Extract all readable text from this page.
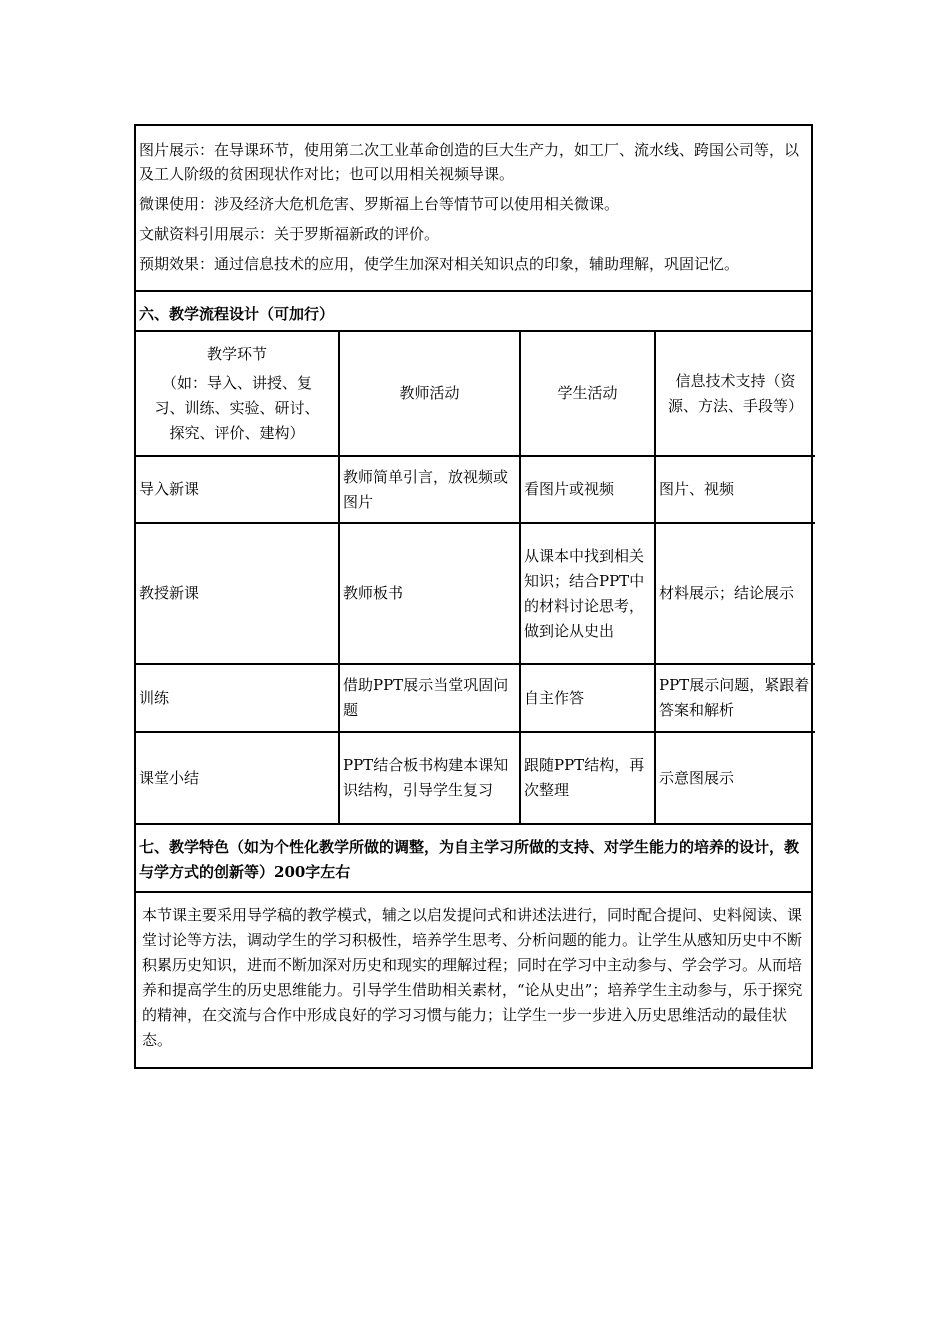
图片展示：在导课环节，使用第二次工业革命创造的巨大生产力，如工厂、流水线、跨国公司等，以及工人阶级的贫困现状作对比；也可以用相关视频导课。

微课使用：涉及经济大危机危害、罗斯福上台等情节可以使用相关微课。

文献资料引用展示：关于罗斯福新政的评价。

预期效果：通过信息技术的应用，使学生加深对相关知识点的印象，辅助理解，巩固记忆。

六、教学流程设计（可加行）
教学环节
（如：导入、讲授、复习、训练、实验、研讨、探究、评价、建构）	教师活动	学生活动	信息技术支持（资源、方法、手段等）
导入新课	教师简单引言，放视频或图片	看图片或视频	图片、视频
教授新课	教师板书	从课本中找到相关知识；结合PPT中的材料讨论思考，做到论从史出	材料展示；结论展示
训练	借助PPT展示当堂巩固问题	自主作答	PPT展示问题，紧跟着答案和解析
课堂小结	PPT结合板书构建本课知识结构，引导学生复习	跟随PPT结构，再次整理	示意图展示
七、教学特色（如为个性化教学所做的调整，为自主学习所做的支持、对学生能力的培养的设计，教与学方式的创新等）200字左右

本节课主要采用导学稿的教学模式，辅之以启发提问式和讲述法进行，同时配合提问、史料阅读、课堂讨论等方法，调动学生的学习积极性，培养学生思考、分析问题的能力。让学生从感知历史中不断积累历史知识，进而不断加深对历史和现实的理解过程；同时在学习中主动参与、学会学习。从而培养和提高学生的历史思维能力。引导学生借助相关素材，“论从史出”；培养学生主动参与，乐于探究的精神，在交流与合作中形成良好的学习习惯与能力；让学生一步一步进入历史思维活动的最佳状态。
